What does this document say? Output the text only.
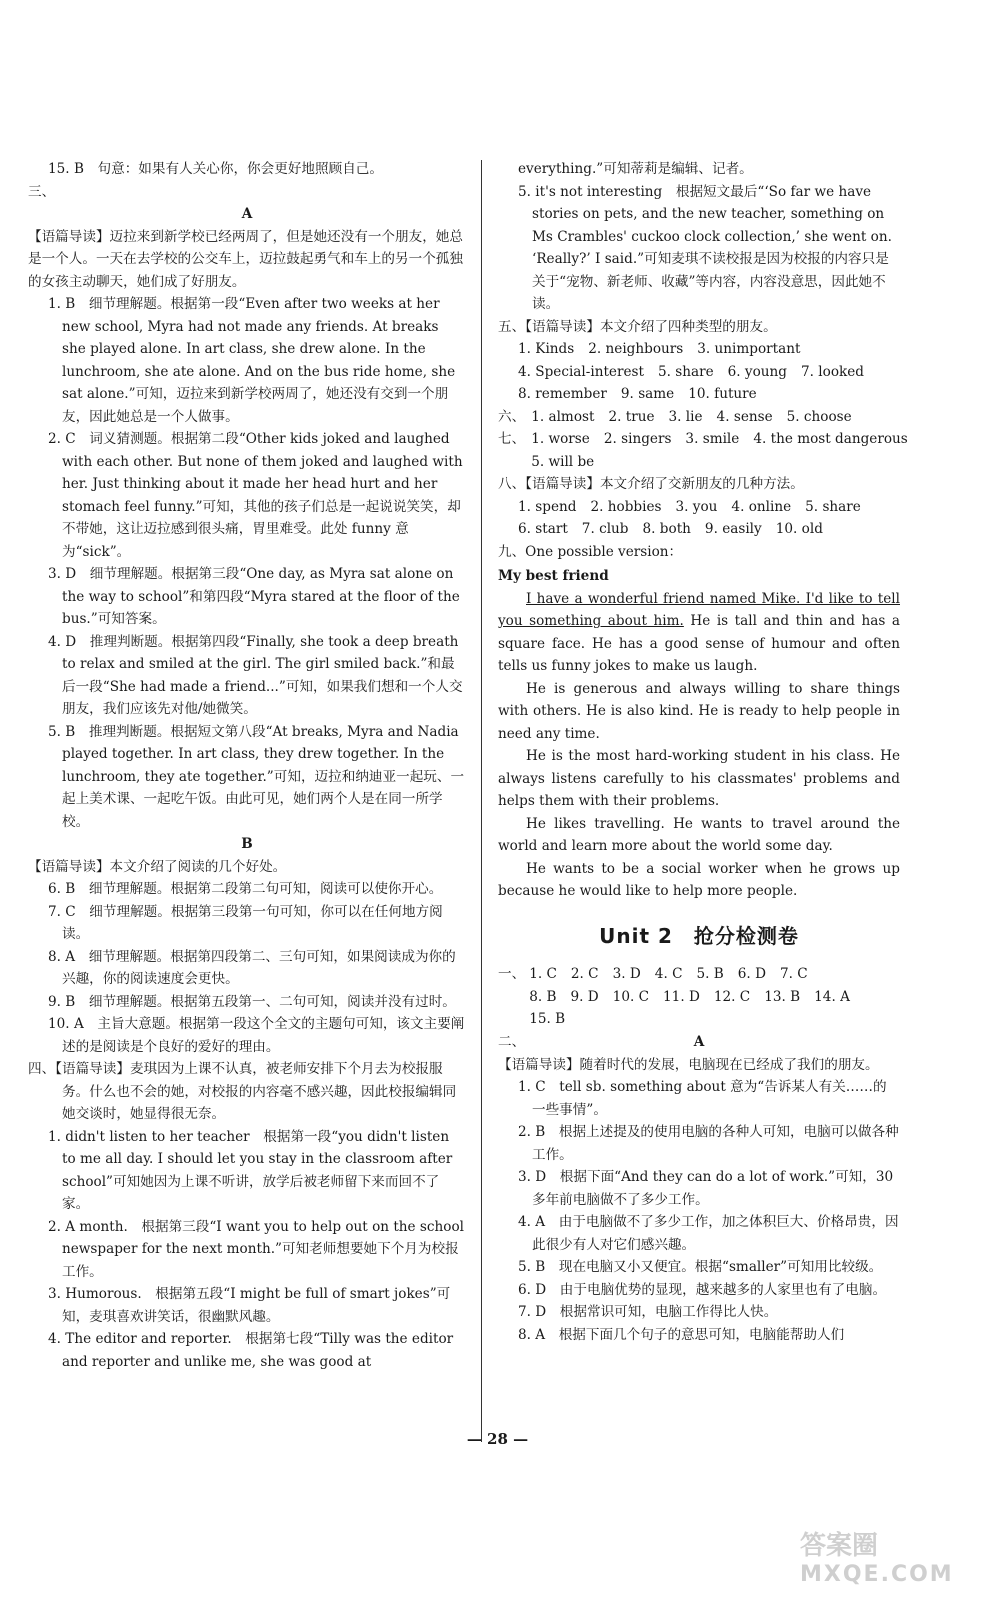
15. B　句意：如果有人关心你，你会更好地照顾自己。

三、

A

【语篇导读】迈拉来到新学校已经两周了，但是她还没有一个朋友，她总是一个人。一天在去学校的公交车上，迈拉鼓起勇气和车上的另一个孤独的女孩主动聊天，她们成了好朋友。

1. B　细节理解题。根据第一段“Even after two weeks at her new school, Myra had not made any friends. At breaks she played alone. In art class, she drew alone. In the lunchroom, she ate alone. And on the bus ride home, she sat alone.”可知，迈拉来到新学校两周了，她还没有交到一个朋友，因此她总是一个人做事。

2. C　词义猜测题。根据第二段“Other kids joked and laughed with each other. But none of them joked and laughed with her. Just thinking about it made her head hurt and her stomach feel funny.”可知，其他的孩子们总是一起说说笑笑，却不带她，这让迈拉感到很头痛，胃里难受。此处 funny 意为“sick”。

3. D　细节理解题。根据第三段“One day, as Myra sat alone on the way to school”和第四段“Myra stared at the floor of the bus.”可知答案。

4. D　推理判断题。根据第四段“Finally, she took a deep breath to relax and smiled at the girl. The girl smiled back.”和最后一段“She had made a friend...”可知，如果我们想和一个人交朋友，我们应该先对他/她微笑。

5. B　推理判断题。根据短文第八段“At breaks, Myra and Nadia played together. In art class, they drew together. In the lunchroom, they ate together.”可知，迈拉和纳迪亚一起玩、一起上美术课、一起吃午饭。由此可见，她们两个人是在同一所学校。

B

【语篇导读】本文介绍了阅读的几个好处。

6. B　细节理解题。根据第二段第二句可知，阅读可以使你开心。

7. C　细节理解题。根据第三段第一句可知，你可以在任何地方阅读。

8. A　细节理解题。根据第四段第二、三句可知，如果阅读成为你的兴趣，你的阅读速度会更快。

9. B　细节理解题。根据第五段第一、二句可知，阅读并没有过时。

10. A　主旨大意题。根据第一段这个全文的主题句可知，该文主要阐述的是阅读是个良好的爱好的理由。

四、【语篇导读】麦琪因为上课不认真，被老师安排下个月去为校报服务。什么也不会的她，对校报的内容毫不感兴趣，因此校报编辑同她交谈时，她显得很无奈。

1. didn't listen to her teacher　根据第一段“you didn't listen to me all day. I should let you stay in the classroom after school”可知她因为上课不听讲，放学后被老师留下来而回不了家。

2. A month.　根据第三段“I want you to help out on the school newspaper for the next month.”可知老师想要她下个月为校报工作。

3. Humorous.　根据第五段“I might be full of smart jokes”可知，麦琪喜欢讲笑话，很幽默风趣。

4. The editor and reporter.　根据第七段“Tilly was the editor and reporter and unlike me, she was good at

everything.”可知蒂莉是编辑、记者。

5. it's not interesting　根据短文最后“‘So far we have stories on pets, and the new teacher, something on Ms Crambles' cuckoo clock collection,’ she went on. ‘Really?’ I said.”可知麦琪不读校报是因为校报的内容只是关于“宠物、新老师、收藏”等内容，内容没意思，因此她不读。

五、【语篇导读】本文介绍了四种类型的朋友。

1. Kinds 2. neighbours 3. unimportant
4. Special-interest 5. share 6. young 7. looked
8. remember 9. same 10. future
六、 1. almost 2. true 3. lie 4. sense 5. choose
七、 1. worse 2. singers 3. smile 4. the most dangerous
5. will be

八、【语篇导读】本文介绍了交新朋友的几种方法。

1. spend 2. hobbies 3. you 4. online 5. share
6. start 7. club 8. both 9. easily 10. old

九、One possible version：

My best friend

I have a wonderful friend named Mike. I'd like to tell you something about him. He is tall and thin and has a square face. He has a good sense of humour and often tells us funny jokes to make us laugh.

He is generous and always willing to share things with others. He is also kind. He is ready to help people in need any time.

He is the most hard-working student in his class. He always listens carefully to his classmates' problems and helps them with their problems.

He likes travelling. He wants to travel around the world and learn more about the world some day.

He wants to be a social worker when he grows up because he would like to help more people.

Unit 2　抢分检测卷
一、 1. C 2. C 3. D 4. C 5. B 6. D 7. C
8. B 9. D 10. C 11. D 12. C 13. B 14. A
15. B

二、	A

【语篇导读】随着时代的发展，电脑现在已经成了我们的朋友。

1. C　tell sb. something about 意为“告诉某人有关……的一些事情”。

2. B　根据上述提及的使用电脑的各种人可知，电脑可以做各种工作。

3. D　根据下面“And they can do a lot of work.”可知，30 多年前电脑做不了多少工作。

4. A　由于电脑做不了多少工作，加之体积巨大、价格昂贵，因此很少有人对它们感兴趣。

5. B　现在电脑又小又便宜。根据“smaller”可知用比较级。

6. D　由于电脑优势的显现，越来越多的人家里也有了电脑。

7. D　根据常识可知，电脑工作得比人快。

8. A　根据下面几个句子的意思可知，电脑能帮助人们

— 28 —
答案圈
MXQE.COM
